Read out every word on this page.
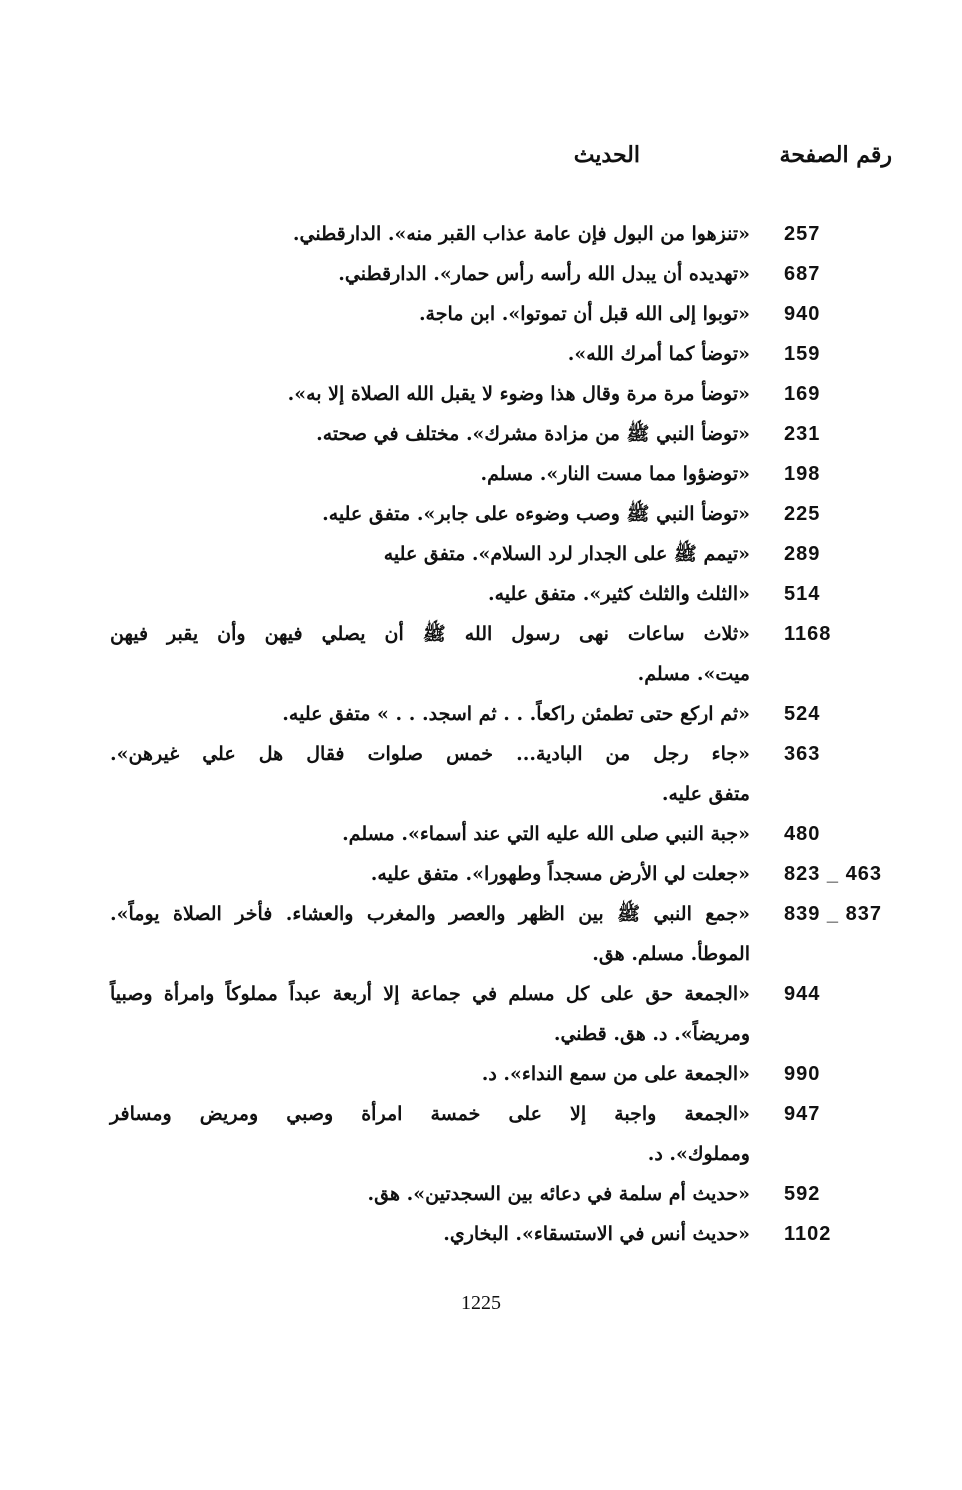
رقم الصفحة
الحديث
257
«تنزهوا من البول فإن عامة عذاب القبر منه». الدارقطني.
687
«تهديده أن يبدل الله رأسه رأس حمار». الدارقطني.
940
«توبوا إلى الله قبل أن تموتوا». ابن ماجة.
159
«توضأ كما أمرك الله».
169
«توضأ مرة مرة وقال هذا وضوء لا يقبل الله الصلاة إلا به».
231
«توضأ النبي ﷺ من مزادة مشرك». مختلف في صحته.
198
«توضؤوا مما مست النار». مسلم.
225
«توضأ النبي ﷺ وصب وضوءه على جابر». متفق عليه.
289
«تيمم ﷺ على الجدار لرد السلام». متفق عليه
514
«الثلث والثلث كثير». متفق عليه.
1168
«ثلاث ساعات نهى رسول الله ﷺ أن يصلي فيهن وأن يقبر فيهن
ميت». مسلم.
524
«ثم اركع حتى تطمئن راكعاً. . . ثم اسجد. . . » متفق عليه.
363
«جاء رجل من البادية... خمس صلوات فقال هل علي غيرهن».
متفق عليه.
480
«جبة النبي صلى الله عليه التي عند أسماء». مسلم.
823 _ 463
«جعلت لي الأرض مسجداً وطهورا». متفق عليه.
839 _ 837
«جمع النبي ﷺ بين الظهر والعصر والمغرب والعشاء. فأخر الصلاة يوماً».
الموطأ. مسلم. هق.
944
«الجمعة حق على كل مسلم في جماعة إلا أربعة عبداً مملوكاً وامرأة وصبياً
ومريضاً». د. هق. قطني.
990
«الجمعة على من سمع النداء». د.
947
«الجمعة واجبة إلا على خمسة امرأة وصبي ومريض ومسافر
ومملوك». د.
592
«حديث أم سلمة في دعائه بين السجدتين». هق.
1102
«حديث أنس في الاستسقاء». البخاري.
1225
